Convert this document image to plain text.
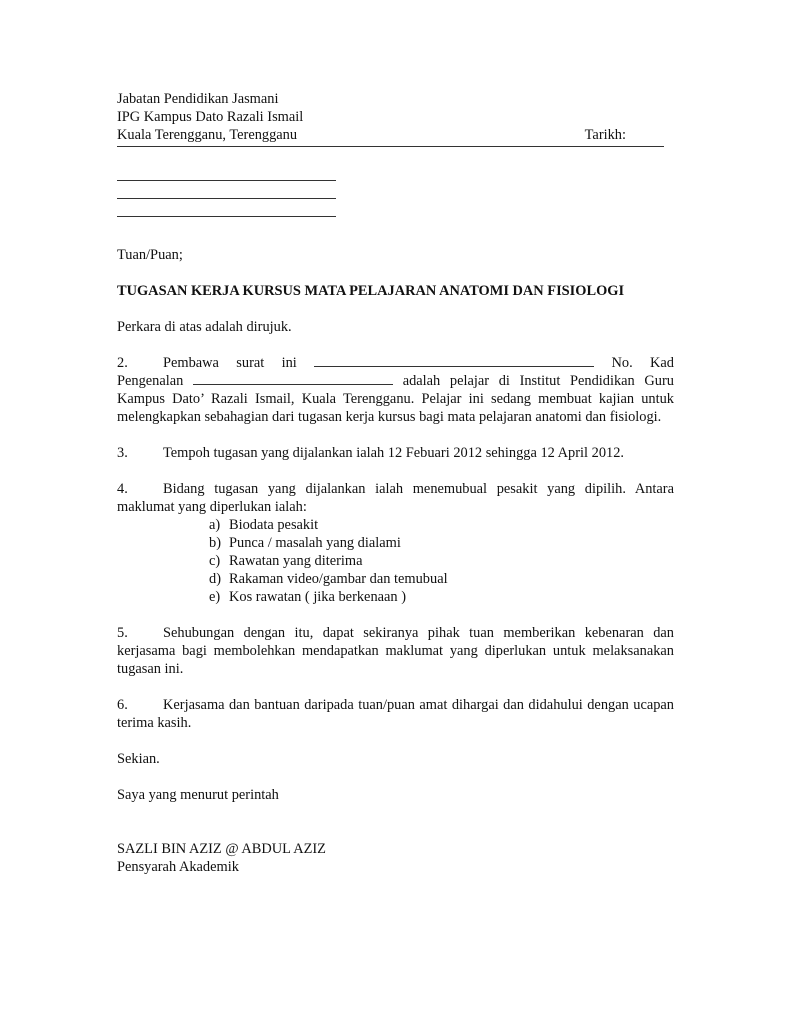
Jabatan Pendidikan Jasmani
IPG Kampus Dato Razali Ismail
Kuala Terengganu, Terengganu	Tarikh:
Tuan/Puan;
TUGASAN KERJA KURSUS MATA PELAJARAN ANATOMI DAN FISIOLOGI
Perkara di atas adalah dirujuk.

2. Pembawa surat ini	No. Kad Pengenalan	adalah pelajar di Institut Pendidikan Guru Kampus Dato’ Razali Ismail, Kuala Terengganu. Pelajar ini sedang membuat kajian untuk melengkapkan sebahagian dari tugasan kerja kursus bagi mata pelajaran anatomi dan fisiologi.

3. Tempoh tugasan yang dijalankan ialah 12 Febuari 2012 sehingga 12 April 2012.

4. Bidang tugasan yang dijalankan ialah menemubual pesakit yang dipilih. Antara maklumat yang diperlukan ialah:

a) Biodata pesakit
b) Punca / masalah yang dialami
c) Rawatan yang diterima
d) Rakaman video/gambar dan temubual
e) Kos rawatan ( jika berkenaan )

5. Sehubungan dengan itu, dapat sekiranya pihak tuan memberikan kebenaran dan kerjasama bagi membolehkan mendapatkan maklumat yang diperlukan untuk melaksanakan tugasan ini.

6. Kerjasama dan bantuan daripada tuan/puan amat dihargai dan didahului dengan ucapan terima kasih.

Sekian.
Saya yang menurut perintah
SAZLI BIN AZIZ @ ABDUL AZIZ
Pensyarah Akademik
